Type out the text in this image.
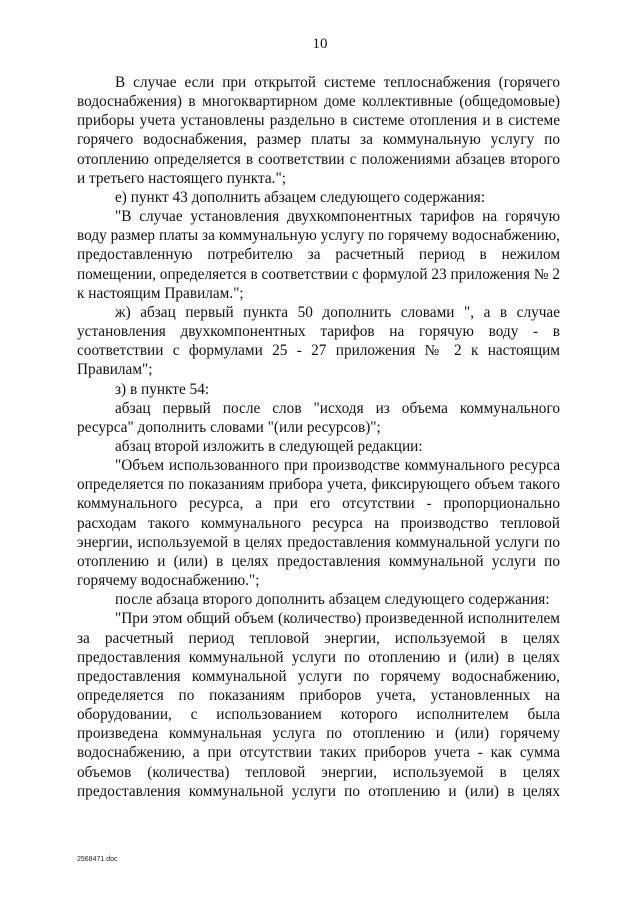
10

В случае если при открытой системе теплоснабжения (горячего водоснабжения) в многоквартирном доме коллективные (общедомовые) приборы учета установлены раздельно в системе отопления и в системе горячего водоснабжения, размер платы за коммунальную услугу по отоплению определяется в соответствии с положениями абзацев второго и третьего настоящего пункта.";

е) пункт 43 дополнить абзацем следующего содержания:

"В случае установления двухкомпонентных тарифов на горячую воду размер платы за коммунальную услугу по горячему водоснабжению, предоставленную потребителю за расчетный период в нежилом помещении, определяется в соответствии с формулой 23 приложения № 2 к настоящим Правилам.";

ж) абзац первый пункта 50 дополнить словами ", а в случае установления двухкомпонентных тарифов на горячую воду - в соответствии с формулами 25 - 27 приложения № 2 к настоящим Правилам";

з) в пункте 54:

абзац первый после слов "исходя из объема коммунального ресурса" дополнить словами "(или ресурсов)";

абзац второй изложить в следующей редакции:

"Объем использованного при производстве коммунального ресурса определяется по показаниям прибора учета, фиксирующего объем такого коммунального ресурса, а при его отсутствии - пропорционально расходам такого коммунального ресурса на производство тепловой энергии, используемой в целях предоставления коммунальной услуги по отоплению и (или) в целях предоставления коммунальной услуги по горячему водоснабжению.";

после абзаца второго дополнить абзацем следующего содержания:

"При этом общий объем (количество) произведенной исполнителем за расчетный период тепловой энергии, используемой в целях предоставления коммунальной услуги по отоплению и (или) в целях предоставления коммунальной услуги по горячему водоснабжению, определяется по показаниям приборов учета, установленных на оборудовании, с использованием которого исполнителем была произведена коммунальная услуга по отоплению и (или) горячему водоснабжению, а при отсутствии таких приборов учета - как сумма объемов (количества) тепловой энергии, используемой в целях предоставления коммунальной услуги по отоплению и (или) в целях

2568471.doc
